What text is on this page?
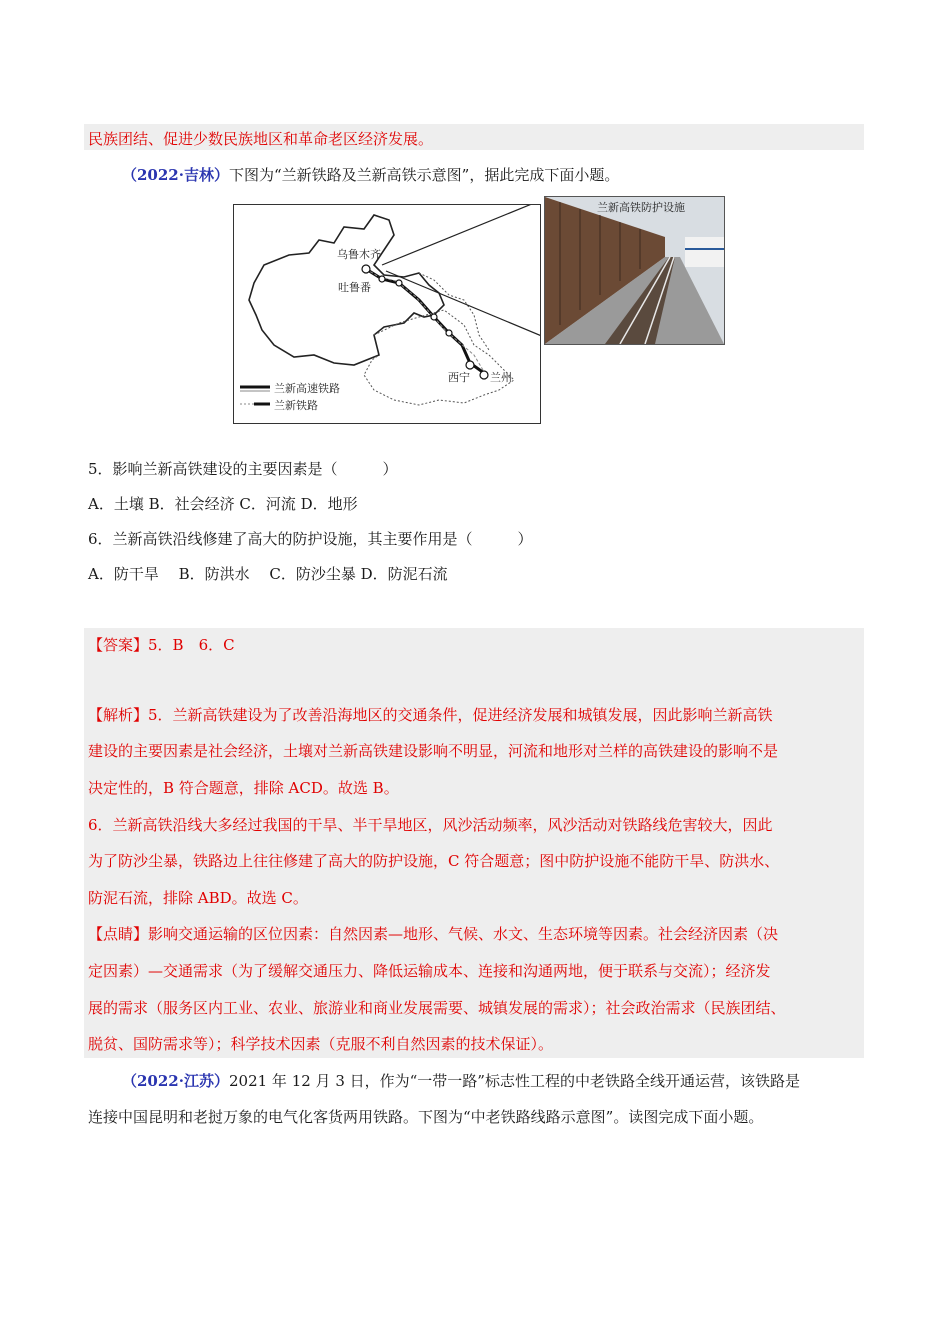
民族团结、促进少数民族地区和革命老区经济发展。
（2022·吉林）下图为“兰新铁路及兰新高铁示意图”，据此完成下面小题。
乌鲁木齐
吐鲁番
西宁 兰州
兰新高速铁路
兰新铁路
兰新高铁防护设施
5．影响兰新高铁建设的主要因素是（　　　）
A．土壤 B．社会经济 C．河流 D．地形
6．兰新高铁沿线修建了高大的防护设施，其主要作用是（　　　）
A．防干旱　 B．防洪水　 C．防沙尘暴 D．防泥石流
【答案】5．B　6．C
【解析】5．兰新高铁建设为了改善沿海地区的交通条件，促进经济发展和城镇发展，因此影响兰新高铁
建设的主要因素是社会经济，土壤对兰新高铁建设影响不明显，河流和地形对兰样的高铁建设的影响不是
决定性的，B 符合题意，排除 ACD。故选 B。
6．兰新高铁沿线大多经过我国的干旱、半干旱地区，风沙活动频率，风沙活动对铁路线危害较大，因此
为了防沙尘暴，铁路边上往往修建了高大的防护设施，C 符合题意；图中防护设施不能防干旱、防洪水、
防泥石流，排除 ABD。故选 C。
【点睛】影响交通运输的区位因素：自然因素—地形、气候、水文、生态环境等因素。社会经济因素（决
定因素）—交通需求（为了缓解交通压力、降低运输成本、连接和沟通两地，便于联系与交流）；经济发
展的需求（服务区内工业、农业、旅游业和商业发展需要、城镇发展的需求）；社会政治需求（民族团结、
脱贫、国防需求等）；科学技术因素（克服不利自然因素的技术保证）。
（2022·江苏）2021 年 12 月 3 日，作为“一带一路”标志性工程的中老铁路全线开通运营，该铁路是
连接中国昆明和老挝万象的电气化客货两用铁路。下图为“中老铁路线路示意图”。读图完成下面小题。
